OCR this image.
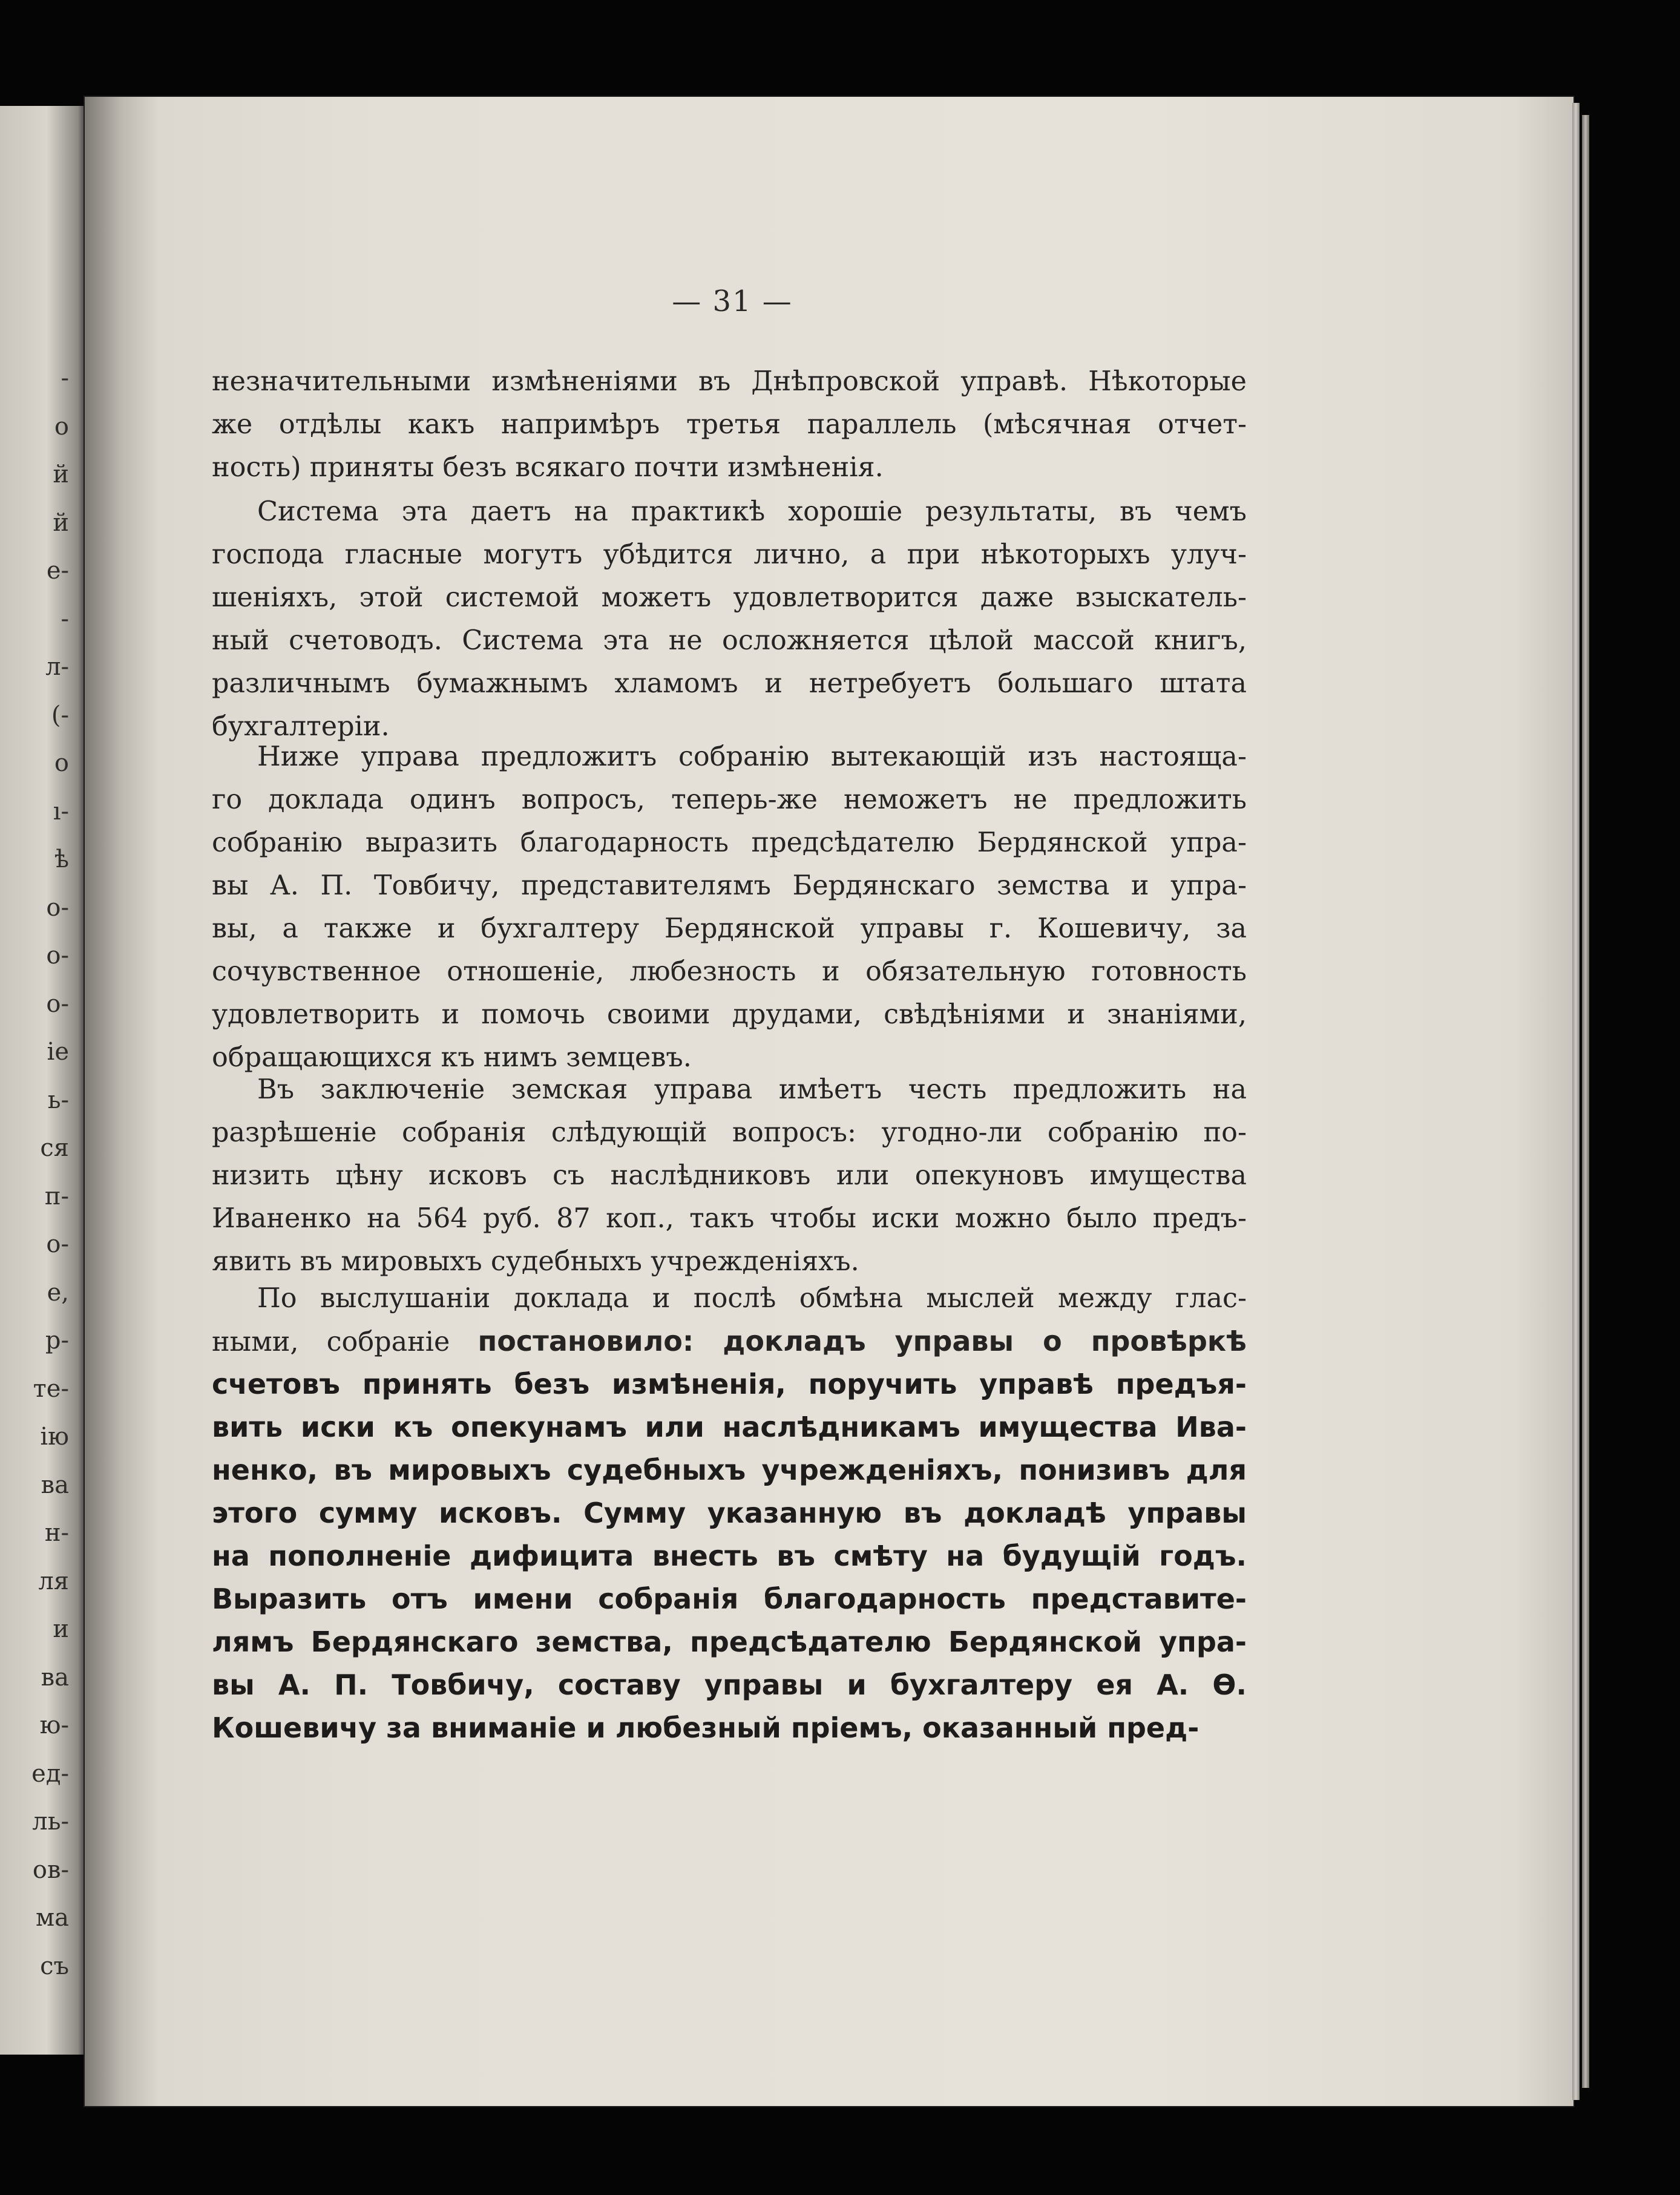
— 31 —
незначительными измѣненіями въ Днѣпровской управѣ. Нѣкоторые
же отдѣлы какъ напримѣръ третья параллель (мѣсячная отчет-
ность) приняты безъ всякаго почти измѣненія.
Система эта даетъ на практикѣ хорошіе результаты, въ чемъ
господа гласные могутъ убѣдится лично, а при нѣкоторыхъ улуч-
шеніяхъ, этой системой можетъ удовлетворится даже взыскатель-
ный счетоводъ. Система эта не осложняется цѣлой массой книгъ,
различнымъ бумажнымъ хламомъ и нетребуетъ большаго штата
бухгалтеріи.
Ниже управа предложитъ собранію вытекающій изъ настояща-
го доклада одинъ вопросъ, теперь-же неможетъ не предложить
собранію выразить благодарность предсѣдателю Бердянской упра-
вы А. П. Товбичу, представителямъ Бердянскаго земства и упра-
вы, а также и бухгалтеру Бердянской управы г. Кошевичу, за
сочувственное отношеніе, любезность и обязательную готовность
удовлетворить и помочь своими друдами, свѣдѣніями и знаніями,
обращающихся къ нимъ земцевъ.
Въ заключеніе земская управа имѣетъ честь предложить на
разрѣшеніе собранія слѣдующій вопросъ: угодно-ли собранію по-
низить цѣну исковъ съ наслѣдниковъ или опекуновъ имущества
Иваненко на 564 руб. 87 коп., такъ чтобы иски можно было предъ-
явить въ мировыхъ судебныхъ учрежденіяхъ.
По выслушаніи доклада и послѣ обмѣна мыслей между глас-
ными, собраніе постановило: докладъ управы о провѣркѣ
счетовъ принять безъ измѣненія, поручить управѣ предъя-
вить иски къ опекунамъ или наслѣдникамъ имущества Ива-
ненко, въ мировыхъ судебныхъ учрежденіяхъ, понизивъ для
этого сумму исковъ. Сумму указанную въ докладѣ управы
на пополненіе дифицита внесть въ смѣту на будущій годъ.
Выразить отъ имени собранія благодарность представите-
лямъ Бердянскаго земства, предсѣдателю Бердянской упра-
вы А. П. Товбичу, составу управы и бухгалтеру ея А. Ѳ.
Кошевичу за вниманіе и любезный пріемъ, оказанный пред-
-
о
й
й
е-
-
л-
(-
о
ı-
ѣ
о-
о-
о-
іе
ь-
ся
п-
о-
е,
р-
те-
ію
ва
н-
ля
и
ва
ю-
ед-
ль-
ов-
ма
съ
